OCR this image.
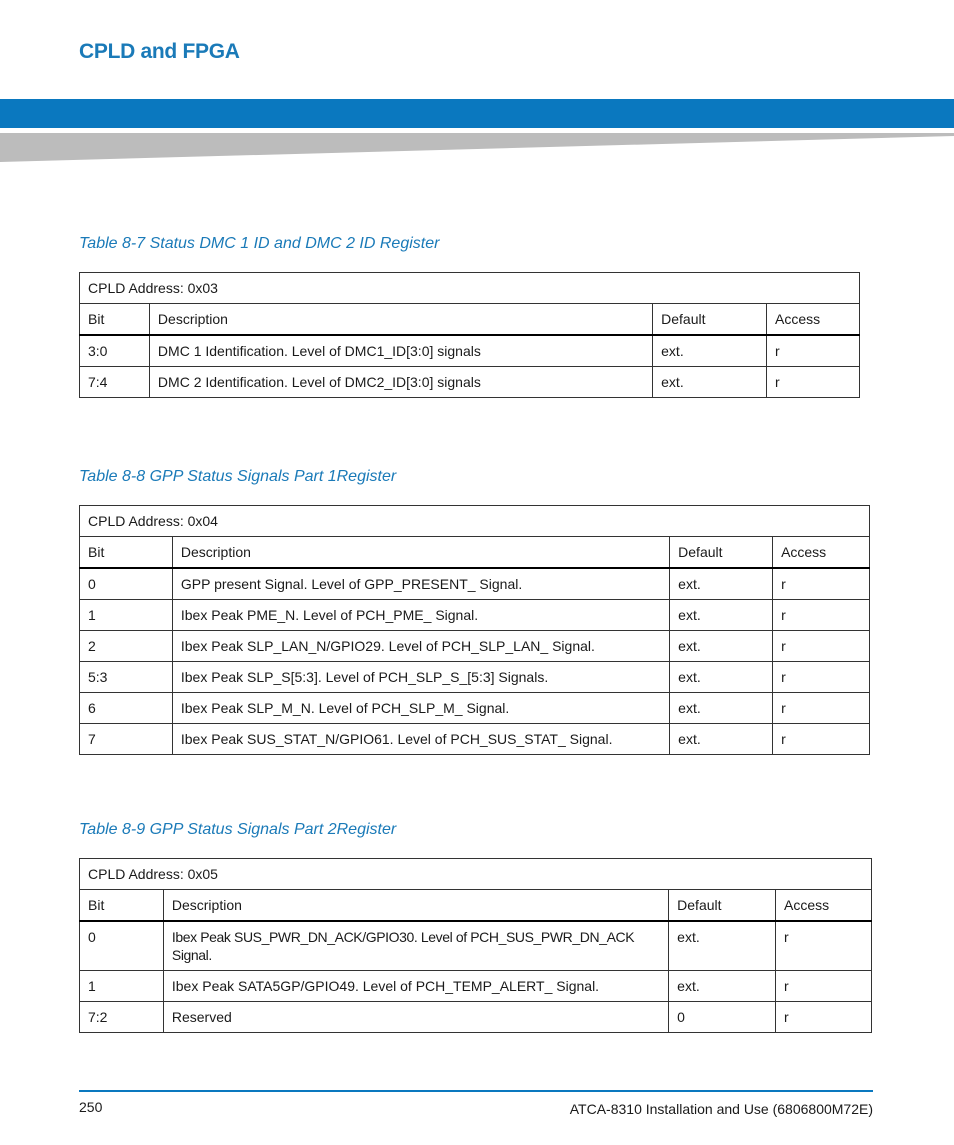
CPLD and FPGA

Table 8-7 Status DMC 1 ID and DMC 2 ID Register

CPLD Address: 0x03			
Bit	Description	Default	Access
3:0	DMC 1 Identification. Level of DMC1_ID[3:0] signals	ext.	r
7:4	DMC 2 Identification. Level of DMC2_ID[3:0] signals	ext.	r

Table 8-8 GPP Status Signals Part 1Register

CPLD Address: 0x04			
Bit	Description	Default	Access
0	GPP present Signal. Level of GPP_PRESENT_ Signal.	ext.	r
1	Ibex Peak PME_N. Level of PCH_PME_ Signal.	ext.	r
2	Ibex Peak SLP_LAN_N/GPIO29. Level of PCH_SLP_LAN_ Signal.	ext.	r
5:3	Ibex Peak SLP_S[5:3]. Level of PCH_SLP_S_[5:3] Signals.	ext.	r
6	Ibex Peak SLP_M_N. Level of PCH_SLP_M_ Signal.	ext.	r
7	Ibex Peak SUS_STAT_N/GPIO61. Level of PCH_SUS_STAT_ Signal.	ext.	r

Table 8-9 GPP Status Signals Part 2Register

CPLD Address: 0x05			
Bit	Description	Default	Access
0	Ibex Peak SUS_PWR_DN_ACK/GPIO30. Level of PCH_SUS_PWR_DN_ACK Signal.	ext.	r
1	Ibex Peak SATA5GP/GPIO49. Level of PCH_TEMP_ALERT_ Signal.	ext.	r
7:2	Reserved	0	r
250	ATCA-8310 Installation and Use (6806800M72E)
